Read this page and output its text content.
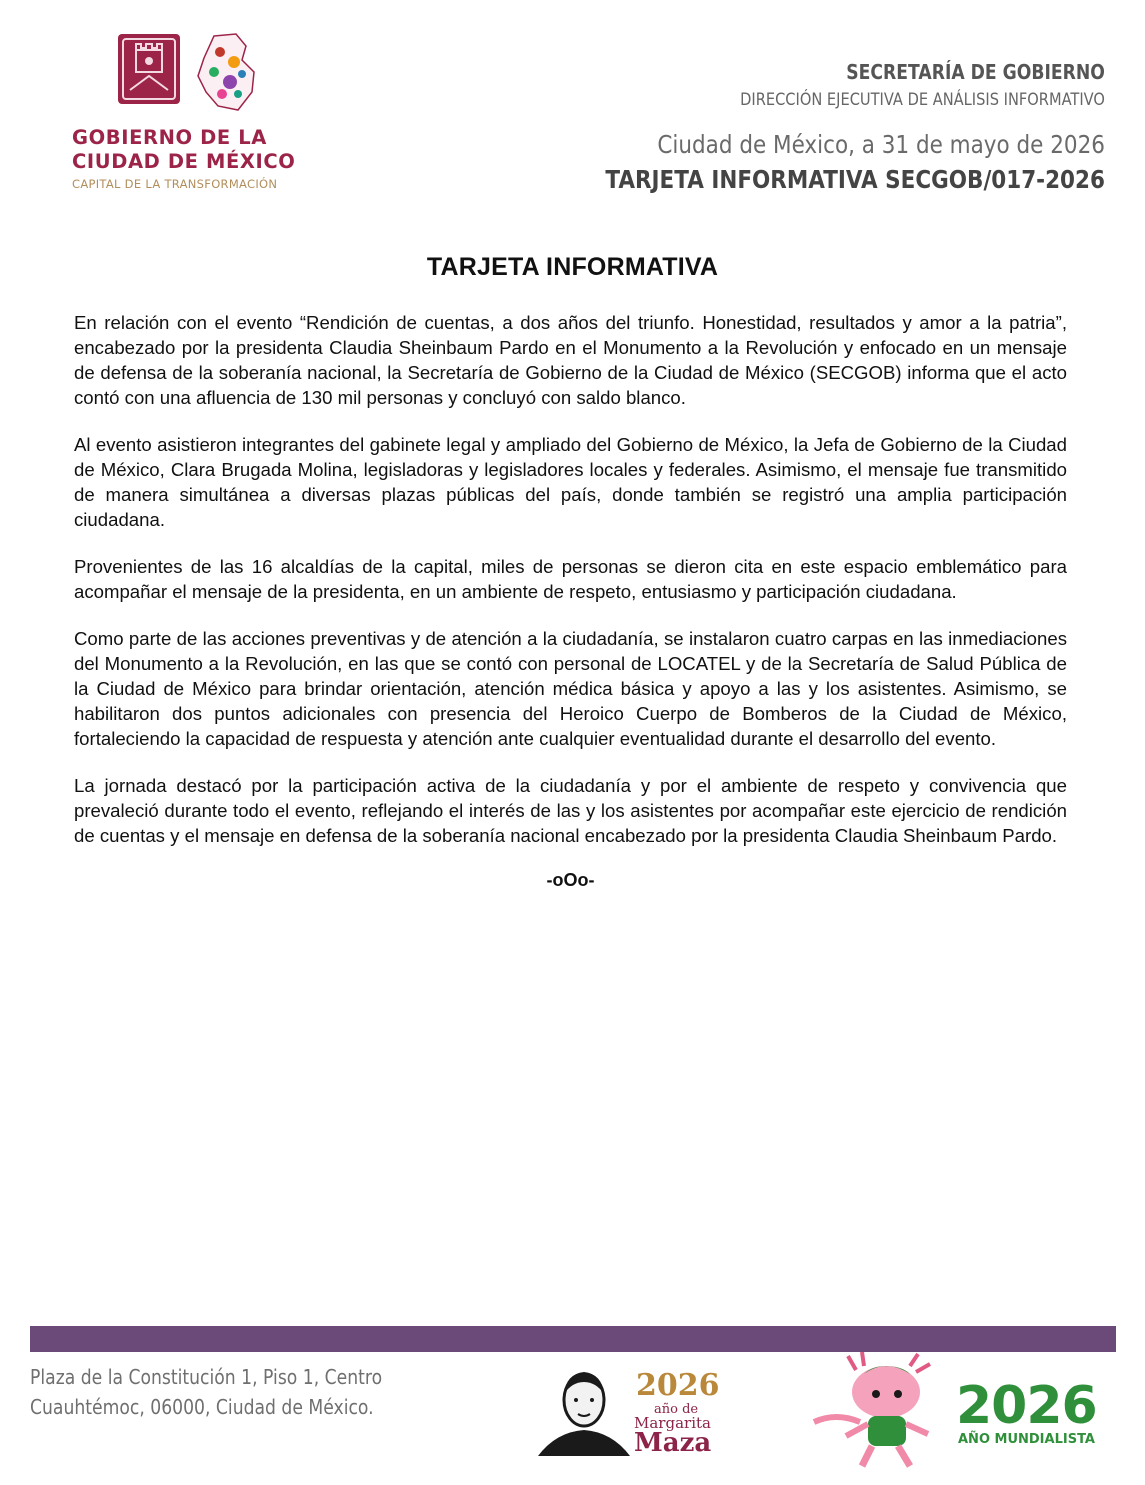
GOBIERNO DE LA
CIUDAD DE MÉXICO
CAPITAL DE LA TRANSFORMACIÓN
SECRETARÍA DE GOBIERNO
DIRECCIÓN EJECUTIVA DE ANÁLISIS INFORMATIVO
Ciudad de México, a 31 de mayo de 2026
TARJETA INFORMATIVA SECGOB/017-2026
TARJETA INFORMATIVA

En relación con el evento “Rendición de cuentas, a dos años del triunfo. Honestidad, resultados y amor a la patria”, encabezado por la presidenta Claudia Sheinbaum Pardo en el Monumento a la Revolución y enfocado en un mensaje de defensa de la soberanía nacional, la Secretaría de Gobierno de la Ciudad de México (SECGOB) informa que el acto contó con una afluencia de 130 mil personas y concluyó con saldo blanco.

Al evento asistieron integrantes del gabinete legal y ampliado del Gobierno de México, la Jefa de Gobierno de la Ciudad de México, Clara Brugada Molina, legisladoras y legisladores locales y federales. Asimismo, el mensaje fue transmitido de manera simultánea a diversas plazas públicas del país, donde también se registró una amplia participación ciudadana.

Provenientes de las 16 alcaldías de la capital, miles de personas se dieron cita en este espacio emblemático para acompañar el mensaje de la presidenta, en un ambiente de respeto, entusiasmo y participación ciudadana.

Como parte de las acciones preventivas y de atención a la ciudadanía, se instalaron cuatro carpas en las inmediaciones del Monumento a la Revolución, en las que se contó con personal de LOCATEL y de la Secretaría de Salud Pública de la Ciudad de México para brindar orientación, atención médica básica y apoyo a las y los asistentes. Asimismo, se habilitaron dos puntos adicionales con presencia del Heroico Cuerpo de Bomberos de la Ciudad de México, fortaleciendo la capacidad de respuesta y atención ante cualquier eventualidad durante el desarrollo del evento.

La jornada destacó por la participación activa de la ciudadanía y por el ambiente de respeto y convivencia que prevaleció durante todo el evento, reflejando el interés de las y los asistentes por acompañar este ejercicio de rendición de cuentas y el mensaje en defensa de la soberanía nacional encabezado por la presidenta Claudia Sheinbaum Pardo.

-oOo-
Plaza de la Constitución 1, Piso 1, Centro
Cuauhtémoc, 06000, Ciudad de México.
2026
año de
Margarita
Maza
2026
AÑO MUNDIALISTA
